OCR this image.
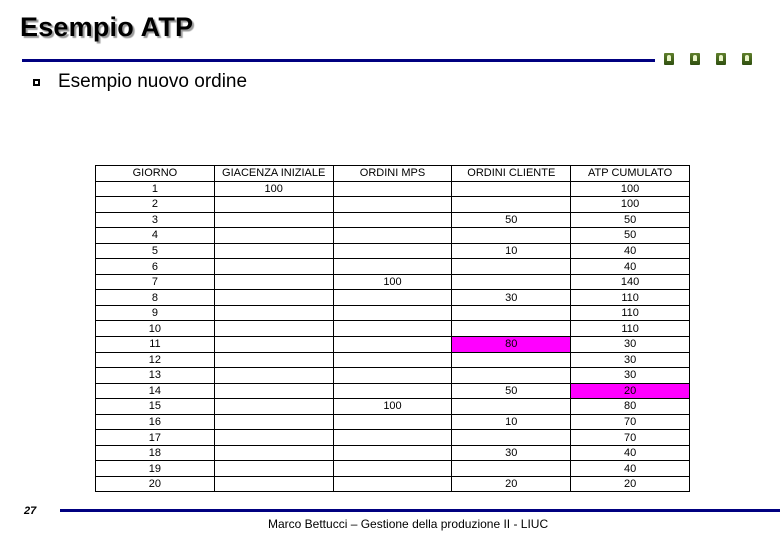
Esempio ATP
Esempio nuovo ordine
GIORNO	GIACENZA INIZIALE	ORDINI MPS	ORDINI CLIENTE	ATP CUMULATO
1	100			100
2				100
3			50	50
4				50
5			10	40
6				40
7		100		140
8			30	110
9				110
10				110
11			80	30
12				30
13				30
14			50	20
15		100		80
16			10	70
17				70
18			30	40
19				40
20			20	20
27
Marco Bettucci – Gestione della produzione II - LIUC
